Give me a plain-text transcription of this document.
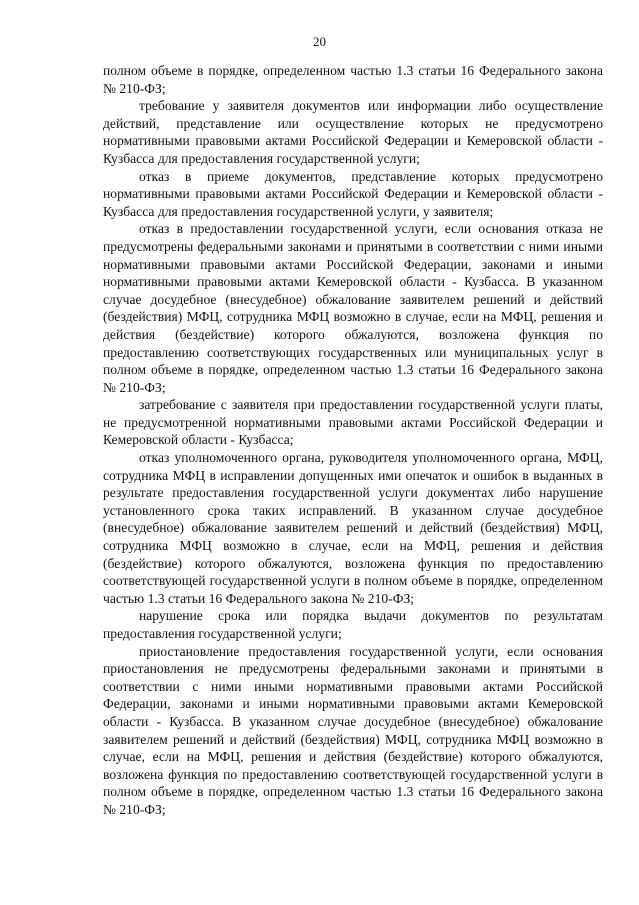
20

полном объеме в порядке, определенном частью 1.3 статьи 16 Федерального закона № 210-ФЗ;

требование у заявителя документов или информации либо осуществление действий, представление или осуществление которых не предусмотрено нормативными правовыми актами Российской Федерации и Кемеровской области - Кузбасса для предоставления государственной услуги;

отказ в приеме документов, представление которых предусмотрено нормативными правовыми актами Российской Федерации и Кемеровской области - Кузбасса для предоставления государственной услуги, у заявителя;

отказ в предоставлении государственной услуги, если основания отказа не предусмотрены федеральными законами и принятыми в соответствии с ними иными нормативными правовыми актами Российской Федерации, законами и иными нормативными правовыми актами Кемеровской области - Кузбасса. В указанном случае досудебное (внесудебное) обжалование заявителем решений и действий (бездействия) МФЦ, сотрудника МФЦ возможно в случае, если на МФЦ, решения и действия (бездействие) которого обжалуются, возложена функция по предоставлению соответствующих государственных или муниципальных услуг в полном объеме в порядке, определенном частью 1.3 статьи 16 Федерального закона № 210-ФЗ;

затребование с заявителя при предоставлении государственной услуги платы, не предусмотренной нормативными правовыми актами Российской Федерации и Кемеровской области - Кузбасса;

отказ уполномоченного органа, руководителя уполномоченного органа, МФЦ, сотрудника МФЦ в исправлении допущенных ими опечаток и ошибок в выданных в результате предоставления государственной услуги документах либо нарушение установленного срока таких исправлений. В указанном случае досудебное (внесудебное) обжалование заявителем решений и действий (бездействия) МФЦ, сотрудника МФЦ возможно в случае, если на МФЦ, решения и действия (бездействие) которого обжалуются, возложена функция по предоставлению соответствующей государственной услуги в полном объеме в порядке, определенном частью 1.3 статьи 16 Федерального закона № 210-ФЗ;

нарушение срока или порядка выдачи документов по результатам предоставления государственной услуги;

приостановление предоставления государственной услуги, если основания приостановления не предусмотрены федеральными законами и принятыми в соответствии с ними иными нормативными правовыми актами Российской Федерации, законами и иными нормативными правовыми актами Кемеровской области - Кузбасса. В указанном случае досудебное (внесудебное) обжалование заявителем решений и действий (бездействия) МФЦ, сотрудника МФЦ возможно в случае, если на МФЦ, решения и действия (бездействие) которого обжалуются, возложена функция по предоставлению соответствующей государственной услуги в полном объеме в порядке, определенном частью 1.3 статьи 16 Федерального закона № 210-ФЗ;
